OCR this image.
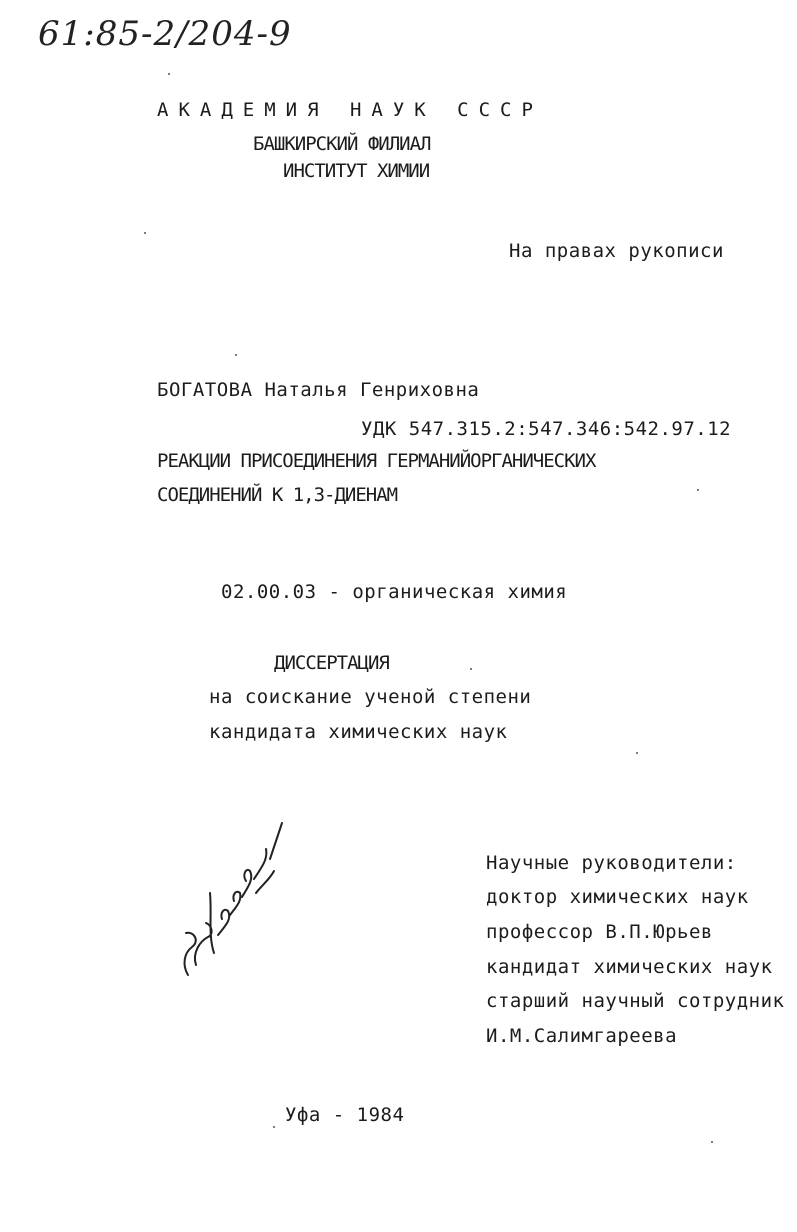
61:85-2/204-9
АКАДЕМИЯ НАУК СССР
БАШКИРСКИЙ ФИЛИАЛ
ИНСТИТУТ ХИМИИ
На правах рукописи
БОГАТОВА Наталья Генриховна
УДК 547.315.2:547.346:542.97.12
РЕАКЦИИ ПРИСОЕДИНЕНИЯ ГЕРМАНИЙОРГАНИЧЕСКИХ
СОЕДИНЕНИЙ К 1,3-ДИЕНАМ
02.00.03 - органическая химия
ДИССЕРТАЦИЯ
на соискание ученой степени
кандидата химических наук
Научные руководители:
доктор химических наук
профессор В.П.Юрьев
кандидат химических наук
старший научный сотрудник
И.М.Салимгареева
Уфа - 1984
